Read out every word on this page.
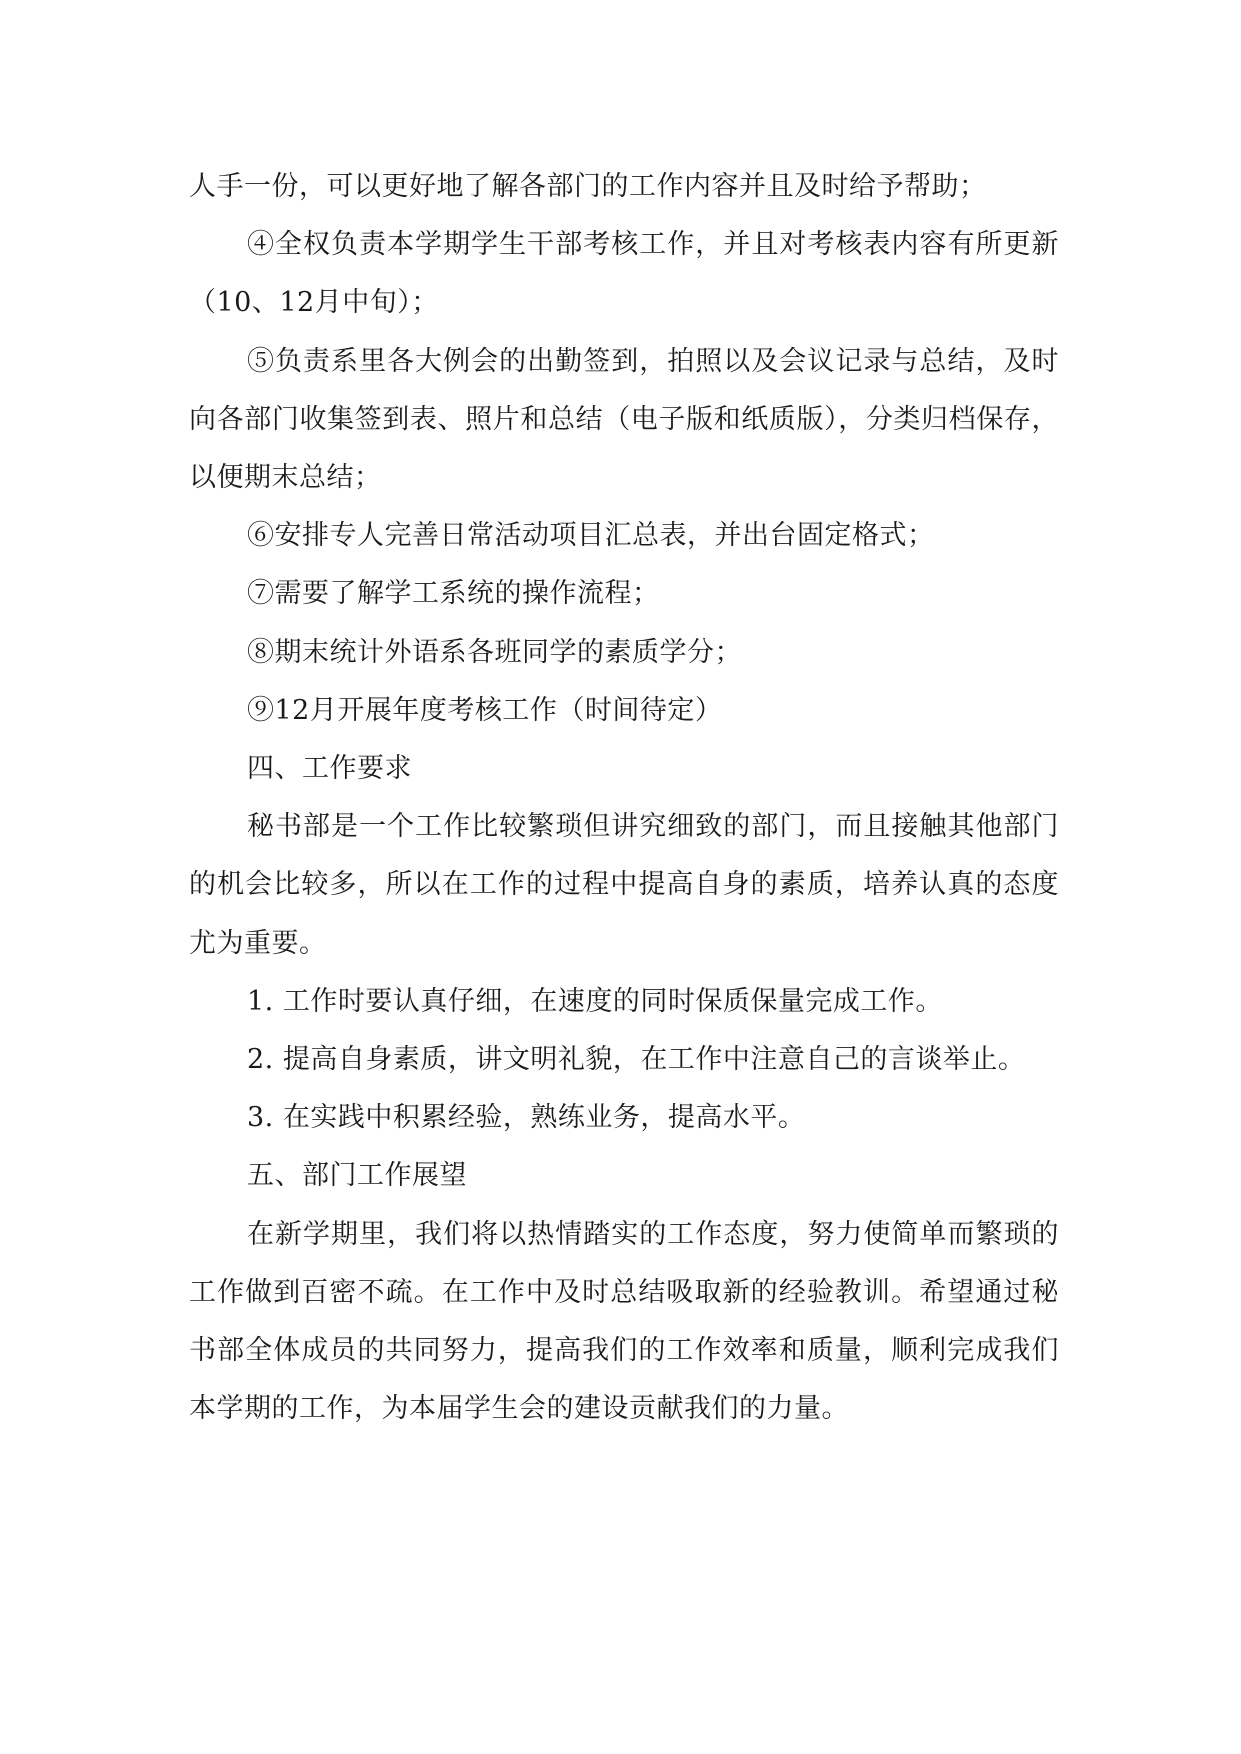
人手一份，可以更好地了解各部门的工作内容并且及时给予帮助；

④全权负责本学期学生干部考核工作，并且对考核表内容有所更新（10、12月中旬）；

⑤负责系里各大例会的出勤签到，拍照以及会议记录与总结，及时向各部门收集签到表、照片和总结（电子版和纸质版），分类归档保存，以便期末总结；

⑥安排专人完善日常活动项目汇总表，并出台固定格式；

⑦需要了解学工系统的操作流程；

⑧期末统计外语系各班同学的素质学分；

⑨12月开展年度考核工作（时间待定）

四、工作要求

秘书部是一个工作比较繁琐但讲究细致的部门，而且接触其他部门的机会比较多，所以在工作的过程中提高自身的素质，培养认真的态度尤为重要。

1. 工作时要认真仔细，在速度的同时保质保量完成工作。

2. 提高自身素质，讲文明礼貌，在工作中注意自己的言谈举止。

3. 在实践中积累经验，熟练业务，提高水平。

五、部门工作展望

在新学期里，我们将以热情踏实的工作态度，努力使简单而繁琐的工作做到百密不疏。在工作中及时总结吸取新的经验教训。希望通过秘书部全体成员的共同努力，提高我们的工作效率和质量，顺利完成我们本学期的工作，为本届学生会的建设贡献我们的力量。
